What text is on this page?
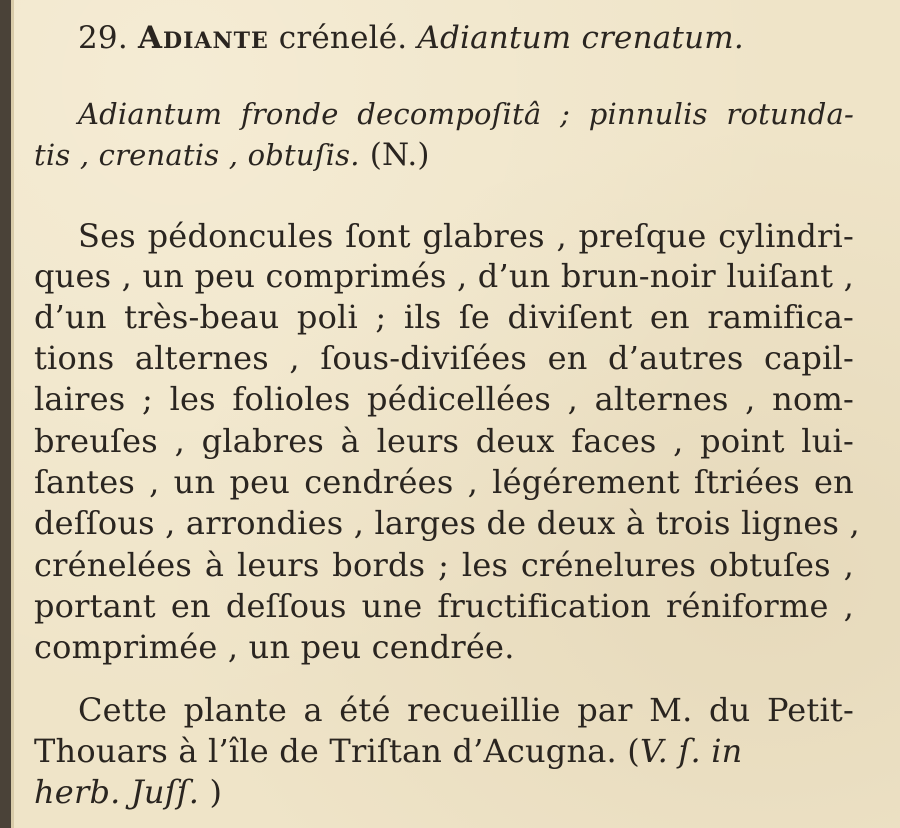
29. Adiante crénelé. Adiantum crenatum.
Adiantum fronde decompoſitâ ; pinnulis rotunda-
tis , crenatis , obtuſis. (N.)
Ses pédoncules ſont glabres , preſque cylindri-
ques , un peu comprimés , d’un brun-noir luiſant ,
d’un très-beau poli ; ils ſe diviſent en ramifica-
tions alternes , ſous-diviſées en d’autres capil-
laires ; les folioles pédicellées , alternes , nom-
breuſes , glabres à leurs deux faces , point lui-
ſantes , un peu cendrées , légérement ſtriées en
deſſous , arrondies , larges de deux à trois lignes ,
crénelées à leurs bords ; les crénelures obtuſes ,
portant en deſſous une fructification réniforme ,
comprimée , un peu cendrée.
Cette plante a été recueillie par M. du Petit-
Thouars à l’île de Triſtan d’Acugna. (V. ſ. in
herb. Juſſ. )
